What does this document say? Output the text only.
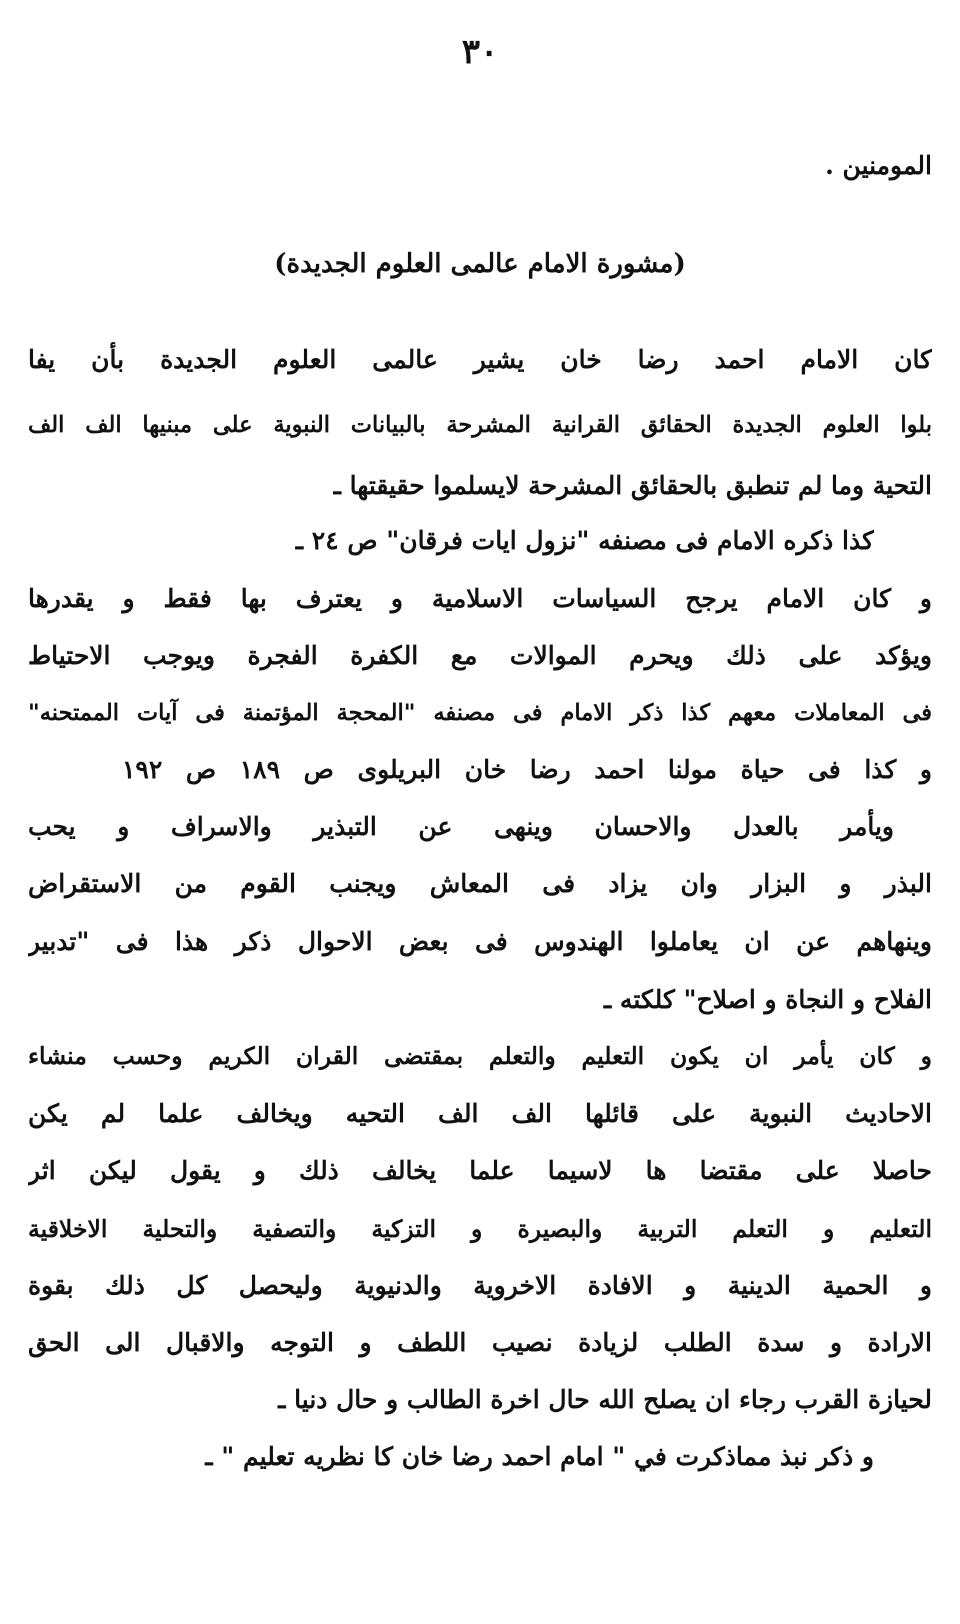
٣٠
المومنين .
(مشورة الامام عالمى العلوم الجديدة)
كان الامام احمد رضا خان يشير عالمى العلوم الجديدة بأن يفا
بلوا العلوم الجديدة الحقائق القرانية المشرحة بالبيانات النبوية على مبنيها الف الف
التحية وما لم تنطبق بالحقائق المشرحة لايسلموا حقيقتها ـ
كذا ذكره الامام فى مصنفه "نزول ايات فرقان" ص ٢٤ ـ
و كان الامام يرجح السياسات الاسلامية و يعترف بها فقط و يقدرها
ويؤكد على ذلك ويحرم الموالات مع الكفرة الفجرة ويوجب الاحتياط
فى المعاملات معهم كذا ذكر الامام فى مصنفه "المحجة المؤتمنة فى آيات الممتحنه"
و كذا فى حياة مولنا احمد رضا خان البريلوى ص ١٨٩ ص ١٩٢
ويأمر بالعدل والاحسان وينهى عن التبذير والاسراف و يحب
البذر و البزار وان يزاد فى المعاش ويجنب القوم من الاستقراض
وينهاهم عن ان يعاملوا الهندوس فى بعض الاحوال ذكر هذا فى "تدبير
الفلاح و النجاة و اصلاح" كلكته ـ
و كان يأمر ان يكون التعليم والتعلم بمقتضى القران الكريم وحسب منشاء
الاحاديث النبوية على قائلها الف الف التحيه ويخالف علما لم يكن
حاصلا على مقتضا ها لاسيما علما يخالف ذلك و يقول ليكن اثر
التعليم و التعلم التربية والبصيرة و التزكية والتصفية والتحلية الاخلاقية
و الحمية الدينية و الافادة الاخروية والدنيوية وليحصل كل ذلك بقوة
الارادة و سدة الطلب لزيادة نصيب اللطف و التوجه والاقبال الى الحق
لحيازة القرب رجاء ان يصلح الله حال اخرة الطالب و حال دنيا ـ
و ذكر نبذ مماذكرت في " امام احمد رضا خان كا نظريه تعليم " ـ
